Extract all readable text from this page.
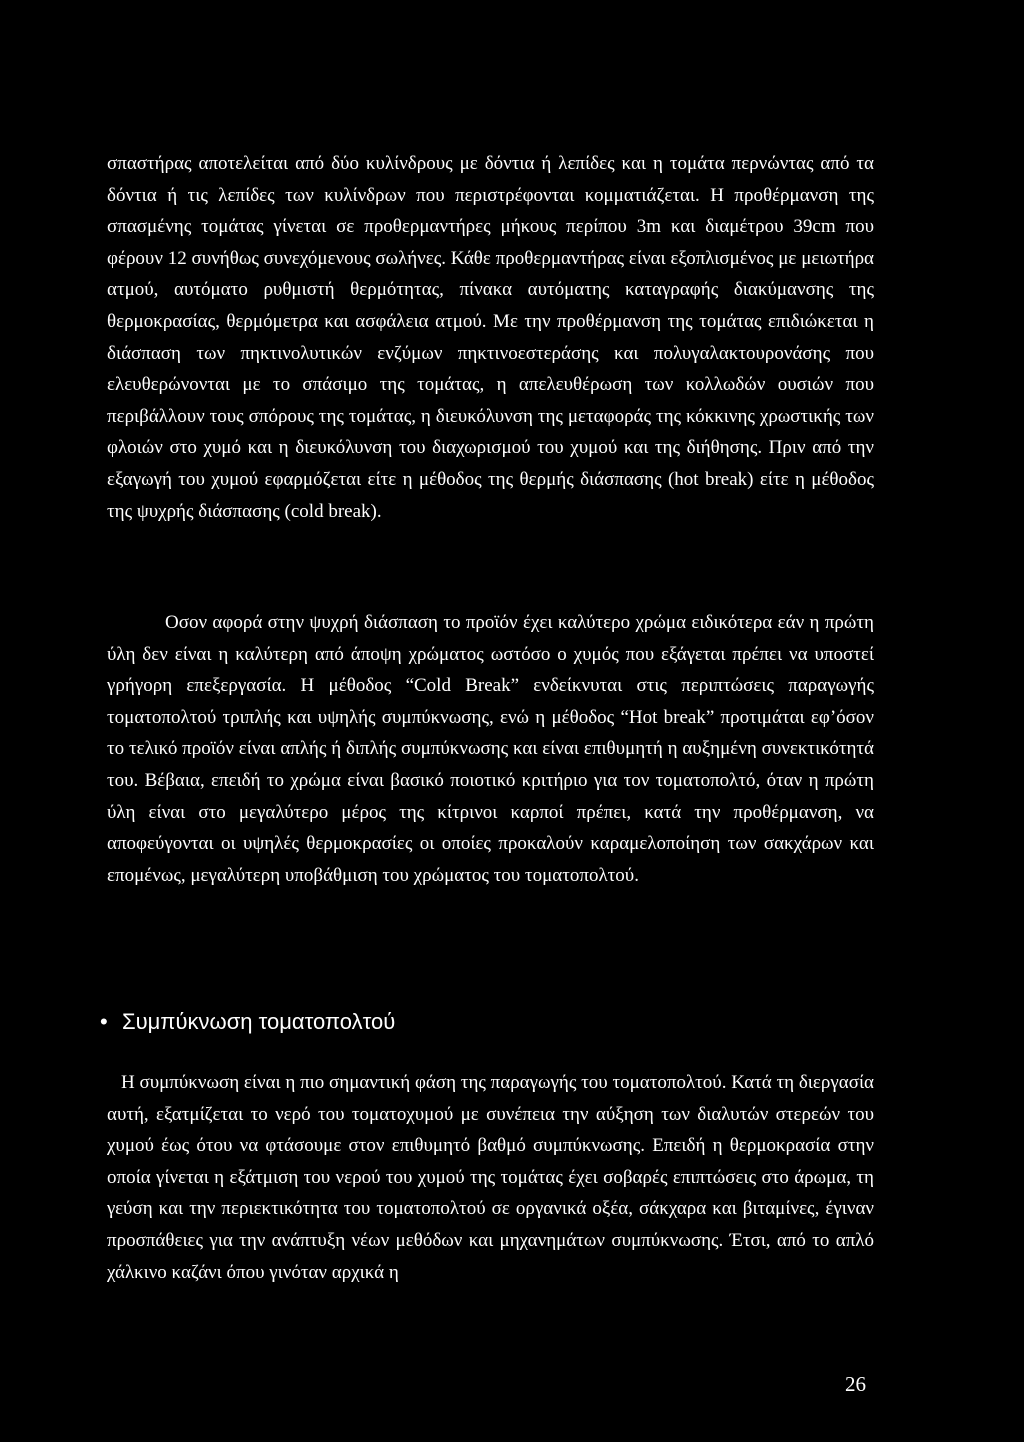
σπαστήρας αποτελείται από δύο κυλίνδρους με δόντια ή λεπίδες και η τομάτα περνώντας από τα δόντια ή τις λεπίδες των κυλίνδρων που περιστρέφονται κομματιάζεται. Η προθέρμανση της σπασμένης τομάτας γίνεται σε προθερμαντήρες μήκους περίπου 3m και διαμέτρου 39cm που φέρουν 12 συνήθως συνεχόμενους σωλήνες. Κάθε προθερμαντήρας είναι εξοπλισμένος με μειωτήρα ατμού, αυτόματο ρυθμιστή θερμότητας, πίνακα αυτόματης καταγραφής διακύμανσης της θερμοκρασίας, θερμόμετρα και ασφάλεια ατμού. Με την προθέρμανση της τομάτας επιδιώκεται η διάσπαση των πηκτινολυτικών ενζύμων πηκτινοεστεράσης και πολυγαλακτουρονάσης που ελευθερώνονται με το σπάσιμο της τομάτας, η απελευθέρωση των κολλωδών ουσιών που περιβάλλουν τους σπόρους της τομάτας, η διευκόλυνση της μεταφοράς της κόκκινης χρωστικής των φλοιών στο χυμό και η διευκόλυνση του διαχωρισμού του χυμού και της διήθησης. Πριν από την εξαγωγή του χυμού εφαρμόζεται είτε η μέθοδος της θερμής διάσπασης (hot break) είτε η μέθοδος της ψυχρής διάσπασης (cold break).

Οσον αφορά στην ψυχρή διάσπαση το προϊόν έχει καλύτερο χρώμα ειδικότερα εάν η πρώτη ύλη δεν είναι η καλύτερη από άποψη χρώματος ωστόσο ο χυμός που εξάγεται πρέπει να υποστεί γρήγορη επεξεργασία. Η μέθοδος “Cold Break” ενδείκνυται στις περιπτώσεις παραγωγής τοματοπολτού τριπλής και υψηλής συμπύκνωσης, ενώ η μέθοδος “Hot break” προτιμάται εφ’όσον το τελικό προϊόν είναι απλής ή διπλής συμπύκνωσης και είναι επιθυμητή η αυξημένη συνεκτικότητά του. Βέβαια, επειδή το χρώμα είναι βασικό ποιοτικό κριτήριο για τον τοματοπολτό, όταν η πρώτη ύλη είναι στο μεγαλύτερο μέρος της κίτρινοι καρποί πρέπει, κατά την προθέρμανση, να αποφεύγονται οι υψηλές θερμοκρασίες οι οποίες προκαλούν καραμελοποίηση των σακχάρων και επομένως, μεγαλύτερη υποβάθμιση του χρώματος του τοματοπολτού.

• Συμπύκνωση τοματοπολτού

Η συμπύκνωση είναι η πιο σημαντική φάση της παραγωγής του τοματοπολτού. Κατά τη διεργασία αυτή, εξατμίζεται το νερό του τοματοχυμού με συνέπεια την αύξηση των διαλυτών στερεών του χυμού έως ότου να φτάσουμε στον επιθυμητό βαθμό συμπύκνωσης. Επειδή η θερμοκρασία στην οποία γίνεται η εξάτμιση του νερού του χυμού της τομάτας έχει σοβαρές επιπτώσεις στο άρωμα, τη γεύση και την περιεκτικότητα του τοματοπολτού σε οργανικά οξέα, σάκχαρα και βιταμίνες, έγιναν προσπάθειες για την ανάπτυξη νέων μεθόδων και μηχανημάτων συμπύκνωσης. Έτσι, από το απλό χάλκινο καζάνι όπου γινόταν αρχικά η

26
